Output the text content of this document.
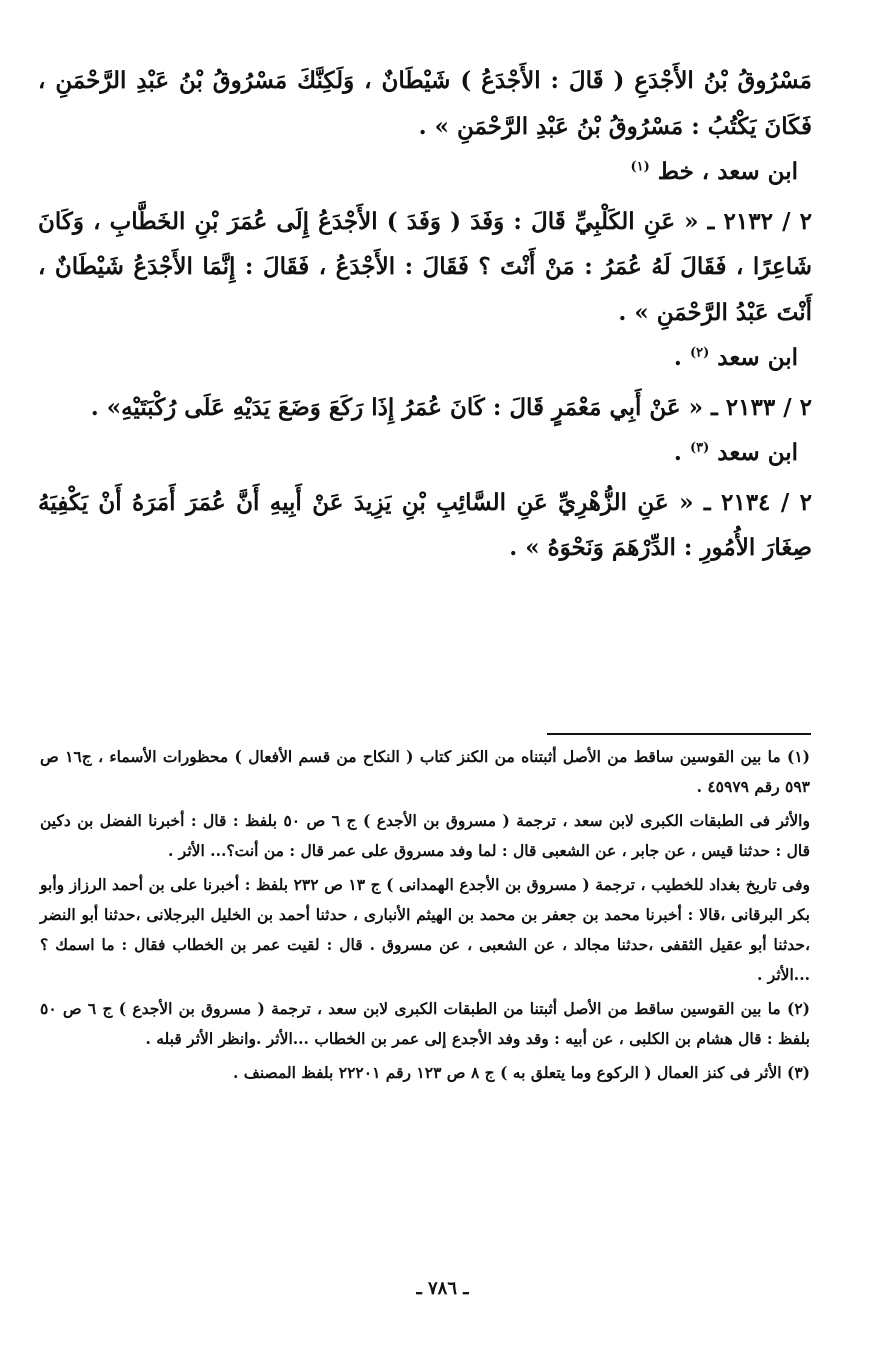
مَسْرُوقُ بْنُ الأَجْدَعِ ( قَالَ : الأَجْدَعُ ) شَيْطَانٌ ، وَلَكِنَّكَ مَسْرُوقُ بْنُ عَبْدِ الرَّحْمَنِ ، فَكَانَ يَكْتُبُ : مَسْرُوقُ بْنُ عَبْدِ الرَّحْمَنِ » .

ابن سعد ، خط $^{(١)}$

٢ / ٢١٣٢ ـ « عَنِ الكَلْبِيِّ قَالَ : وَفَدَ ( وَفَدَ ) الأَجْدَعُ إِلَى عُمَرَ بْنِ الخَطَّابِ ، وَكَانَ شَاعِرًا ، فَقَالَ لَهُ عُمَرُ : مَنْ أَنْتَ ؟ فَقَالَ : الأَجْدَعُ ، فَقَالَ : إِنَّمَا الأَجْدَعُ شَيْطَانٌ ، أَنْتَ عَبْدُ الرَّحْمَنِ » .

ابن سعد $^{(٢)}$ .

٢ / ٢١٣٣ ـ « عَنْ أَبِي مَعْمَرٍ قَالَ : كَانَ عُمَرُ إِذَا رَكَعَ وَضَعَ يَدَيْهِ عَلَى رُكْبَتَيْهِ» .

ابن سعد $^{(٣)}$ .

٢ / ٢١٣٤ ـ « عَنِ الزُّهْرِيِّ عَنِ السَّائِبِ بْنِ يَزِيدَ عَنْ أَبِيهِ أَنَّ عُمَرَ أَمَرَهُ أَنْ يَكْفِيَهُ صِغَارَ الأُمُورِ : الدِّرْهَمَ وَنَحْوَهُ » .

(١) ما بين القوسين ساقط من الأصل أثبتناه من الكنز كتاب ( النكاح من قسم الأفعال ) محظورات الأسماء ، ج١٦ ص ٥٩٣ رقم ٤٥٩٧٩ .

والأثر فى الطبقات الكبرى لابن سعد ، ترجمة ( مسروق بن الأجدع ) ج ٦ ص ٥٠ بلفظ : قال : أخبرنا الفضل بن دكين قال : حدثنا قيس ، عن جابر ، عن الشعبى قال : لما وفد مسروق على عمر قال : من أنت؟... الأثر .

وفى تاريخ بغداد للخطيب ، ترجمة ( مسروق بن الأجدع الهمدانى ) ج ١٣ ص ٢٣٢ بلفظ : أخبرنا على بن أحمد الرزاز وأبو بكر البرقانى ،قالا : أخبرنا محمد بن جعفر بن محمد بن الهيثم الأنبارى ، حدثنا أحمد بن الخليل البرجلانى ،حدثنا أبو النضر ،حدثنا أبو عقيل الثقفى ،حدثنا مجالد ، عن الشعبى ، عن مسروق . قال : لقيت عمر بن الخطاب فقال : ما اسمك ؟ ...الأثر .

(٢) ما بين القوسين ساقط من الأصل أثبتنا من الطبقات الكبرى لابن سعد ، ترجمة ( مسروق بن الأجدع ) ج ٦ ص ٥٠ بلفظ : قال هشام بن الكلبى ، عن أبيه : وقد وفد الأجدع إلى عمر بن الخطاب ...الأثر .وانظر الأثر قبله .

(٣) الأثر فى كنز العمال ( الركوع وما يتعلق به ) ج ٨ ص ١٢٣ رقم ٢٢٢٠١ بلفظ المصنف .

ـ ٧٨٦ ـ
